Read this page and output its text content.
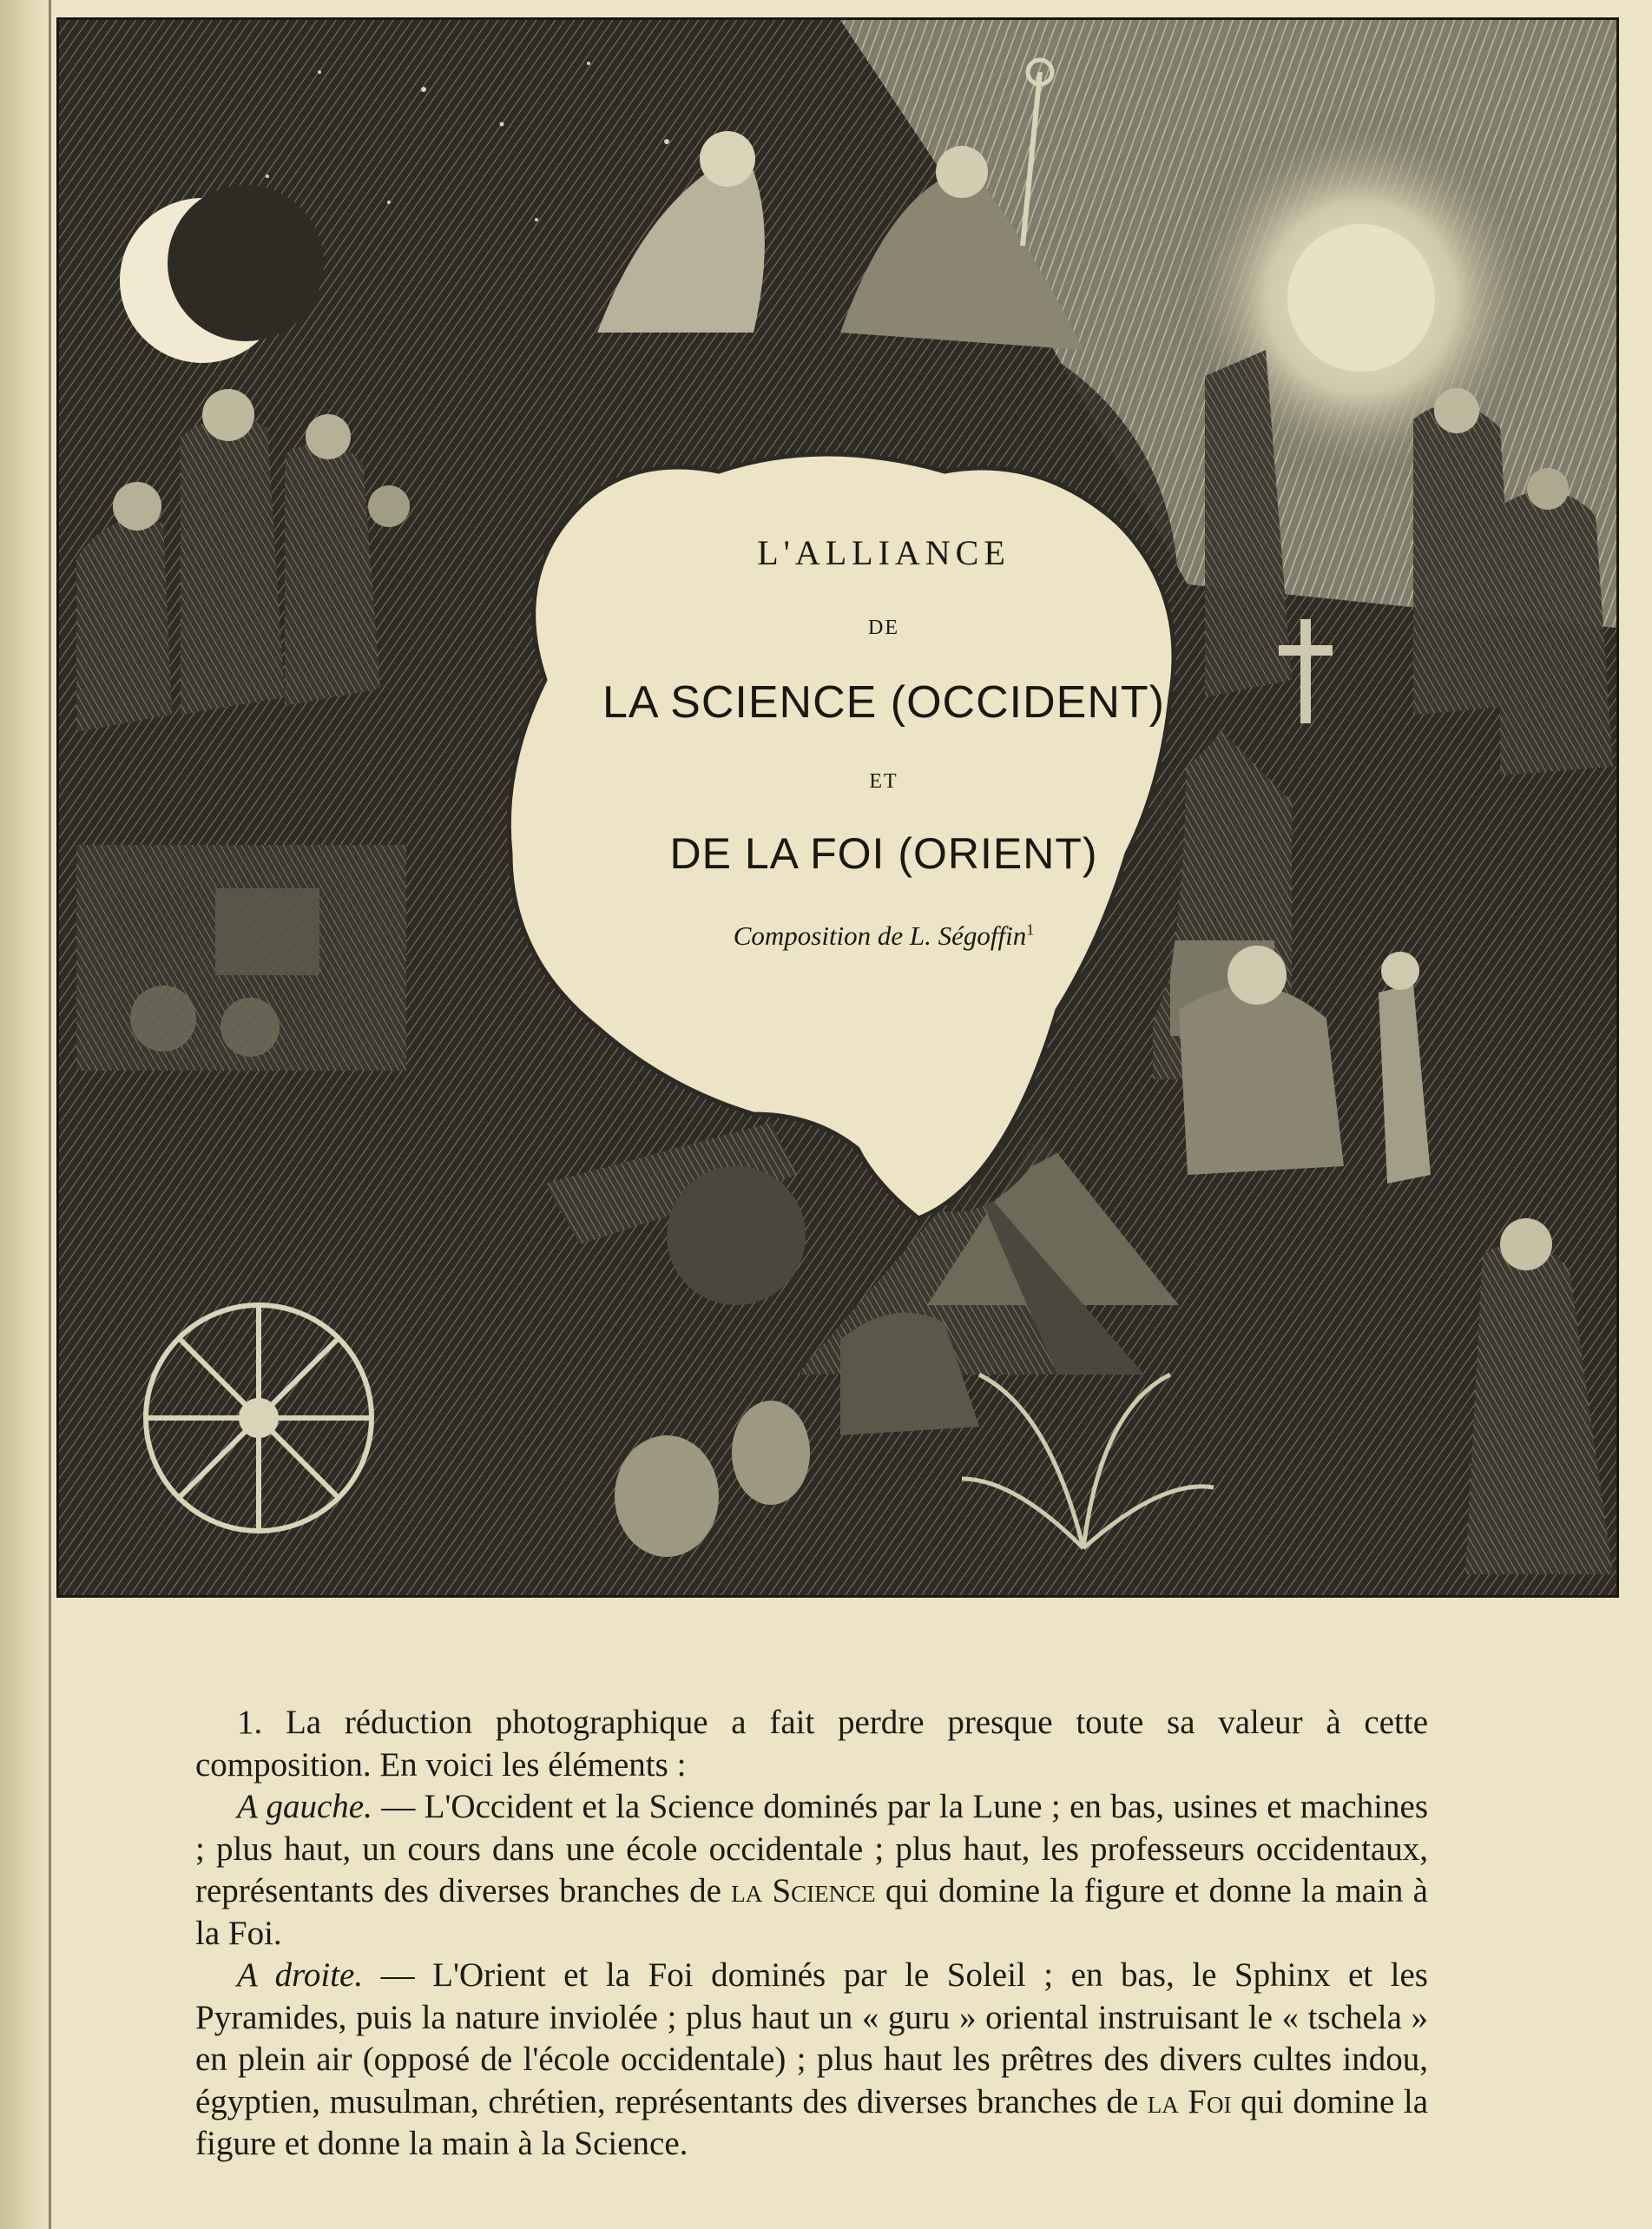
L'ALLIANCE
DE
LA SCIENCE (OCCIDENT)
ET
DE LA FOI (ORIENT)
Composition de L. Ségoffin$^1$

1. La réduction photographique a fait perdre presque toute sa valeur à cette composition. En voici les éléments :

A gauche. — L'Occident et la Science dominés par la Lune ; en bas, usines et machines ; plus haut, un cours dans une école occidentale ; plus haut, les professeurs occidentaux, représentants des diverses branches de la Science qui domine la figure et donne la main à la Foi.

A droite. — L'Orient et la Foi dominés par le Soleil ; en bas, le Sphinx et les Pyramides, puis la nature inviolée ; plus haut un « guru » oriental instruisant le « tschela » en plein air (opposé de l'école occidentale) ; plus haut les prêtres des divers cultes indou, égyptien, musulman, chrétien, représentants des diverses branches de la Foi qui domine la figure et donne la main à la Science.
